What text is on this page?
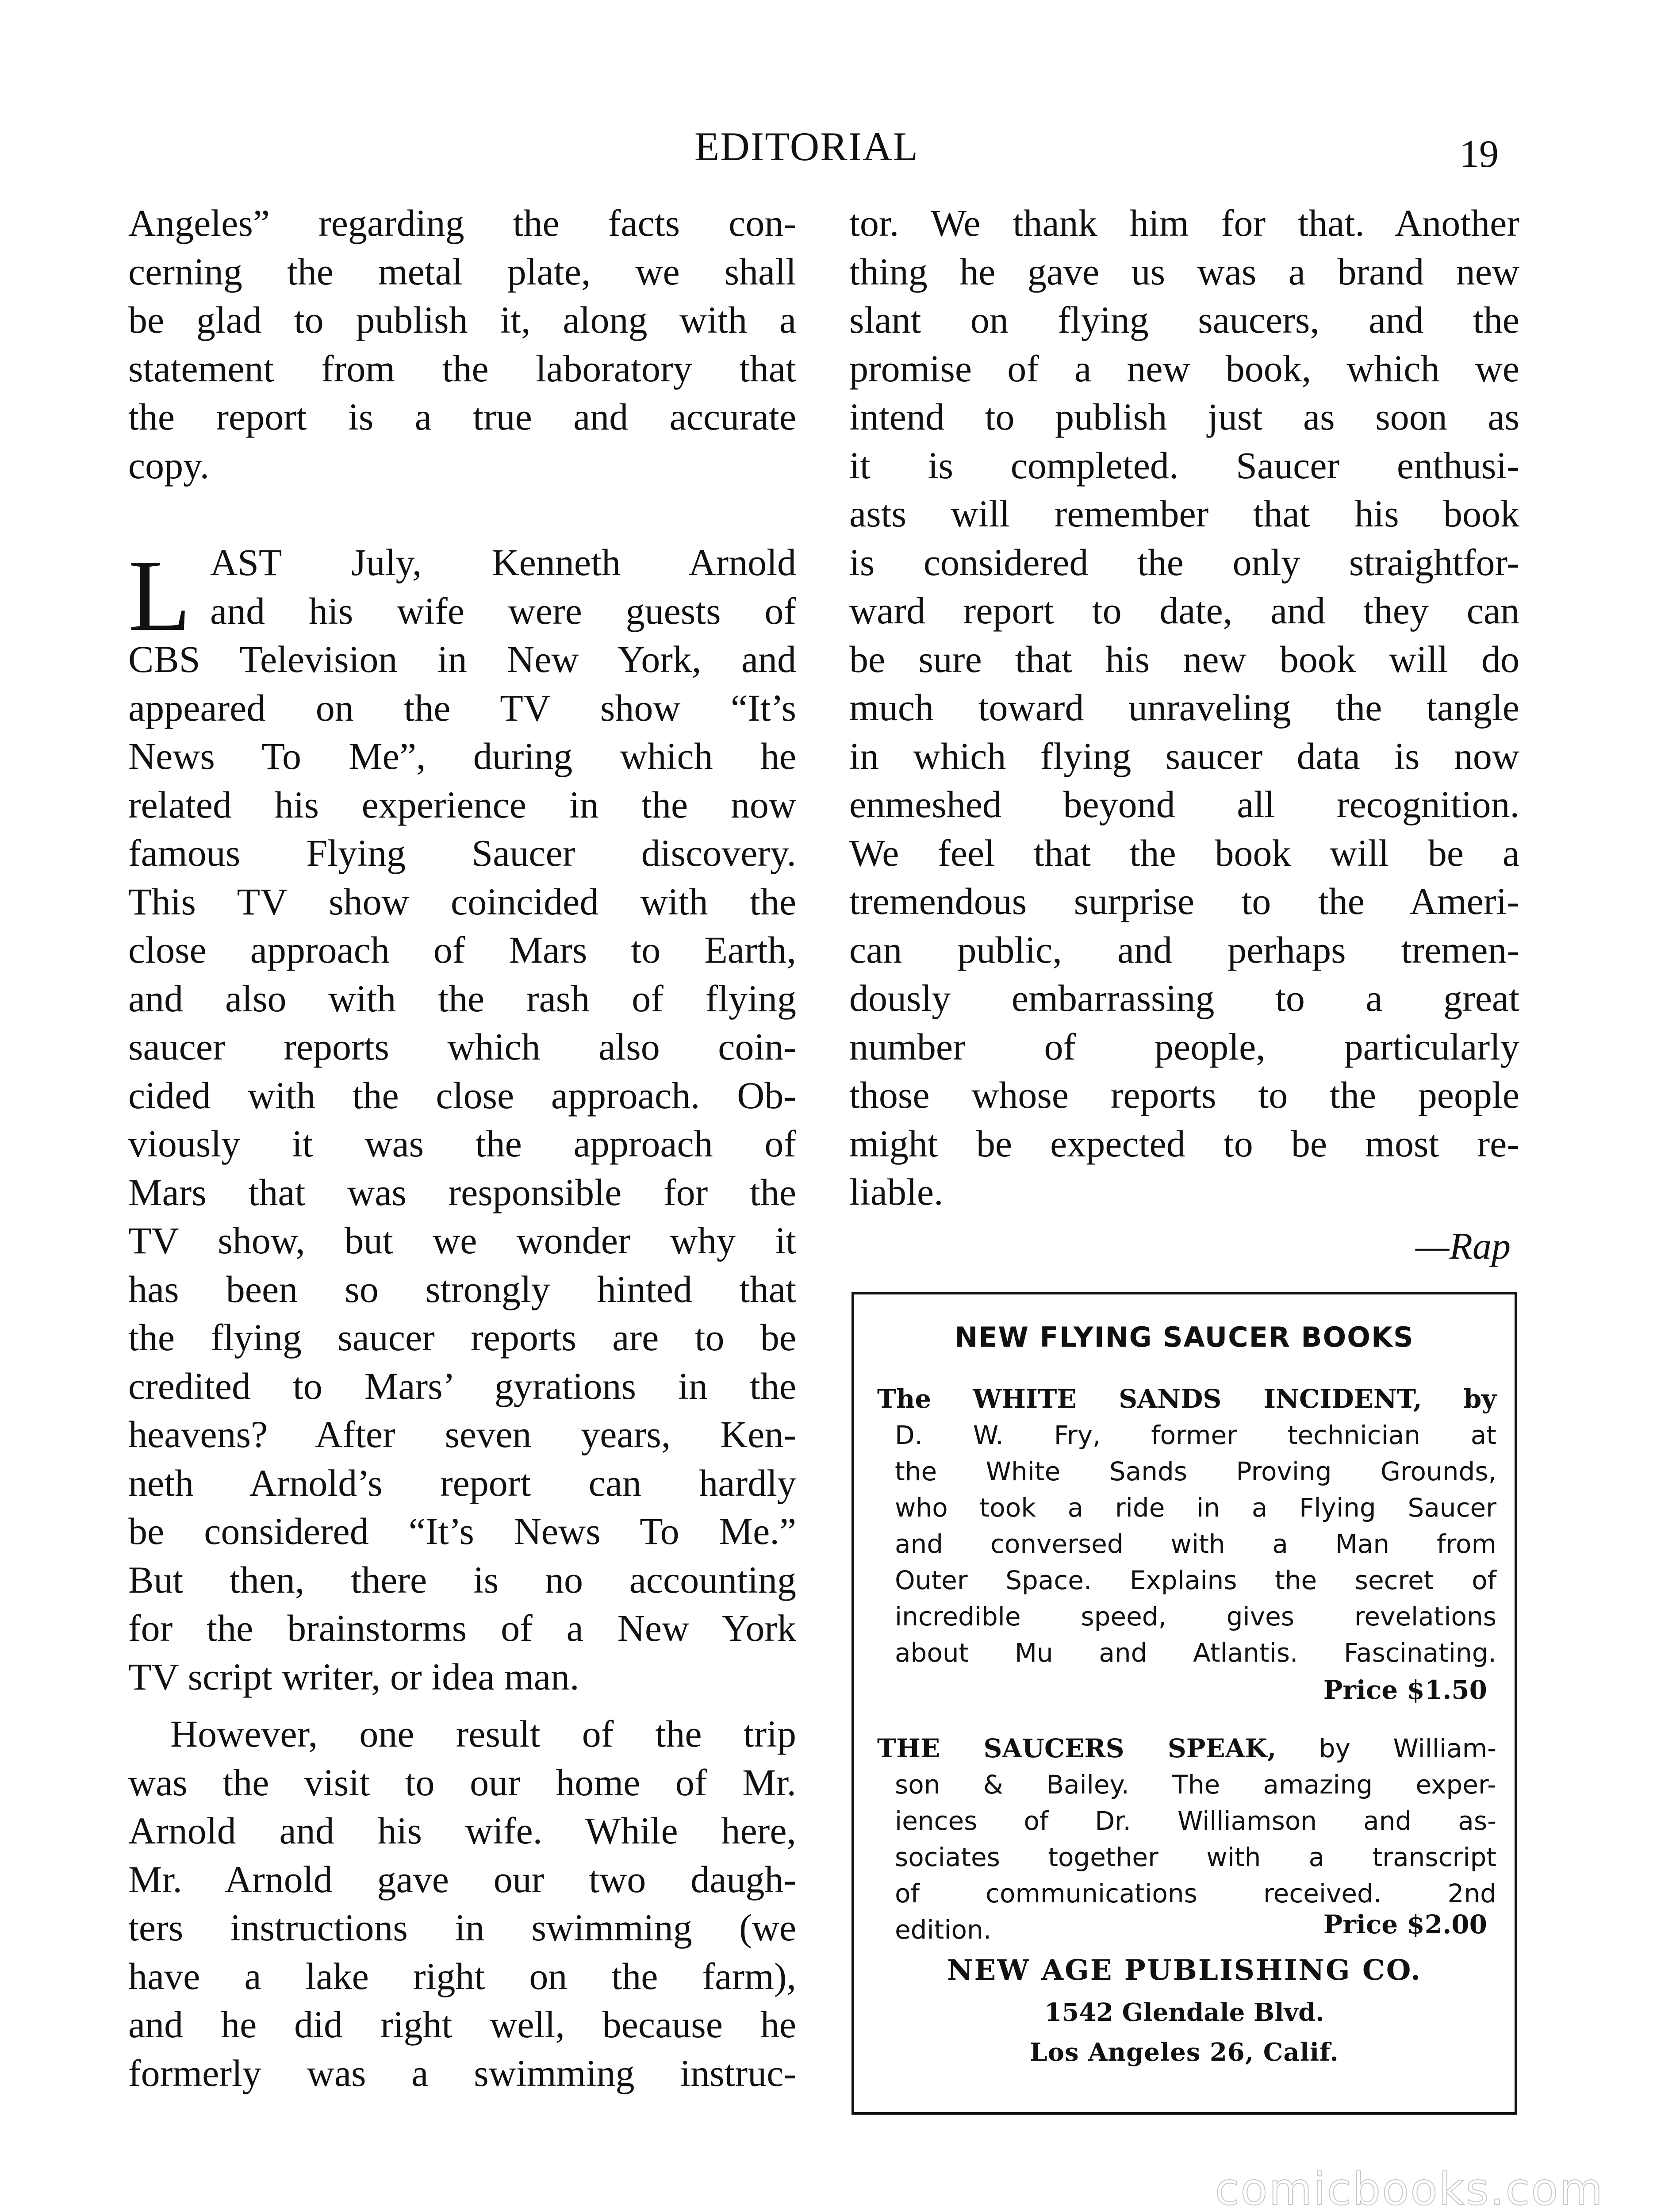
EDITORIAL	19
Angeles” regarding the facts con-
cerning the metal plate, we shall
be glad to publish it, along with a
statement from the laboratory that
the report is a true and accurate
copy.
L AST July, Kenneth Arnold
and his wife were guests of
CBS Television in New York, and
appeared on the TV show “It’s
News To Me”, during which he
related his experience in the now
famous Flying Saucer discovery.
This TV show coincided with the
close approach of Mars to Earth,
and also with the rash of flying
saucer reports which also coin-
cided with the close approach. Ob-
viously it was the approach of
Mars that was responsible for the
TV show, but we wonder why it
has been so strongly hinted that
the flying saucer reports are to be
credited to Mars’ gyrations in the
heavens? After seven years, Ken-
neth Arnold’s report can hardly
be considered “It’s News To Me.”
But then, there is no accounting
for the brainstorms of a New York
TV script writer, or idea man.
However, one result of the trip
was the visit to our home of Mr.
Arnold and his wife. While here,
Mr. Arnold gave our two daugh-
ters instructions in swimming (we
have a lake right on the farm),
and he did right well, because he
formerly was a swimming instruc-
tor. We thank him for that. Another
thing he gave us was a brand new
slant on flying saucers, and the
promise of a new book, which we
intend to publish just as soon as
it is completed. Saucer enthusi-
asts will remember that his book
is considered the only straightfor-
ward report to date, and they can
be sure that his new book will do
much toward unraveling the tangle
in which flying saucer data is now
enmeshed beyond all recognition.
We feel that the book will be a
tremendous surprise to the Ameri-
can public, and perhaps tremen-
dously embarrassing to a great
number of people, particularly
those whose reports to the people
might be expected to be most re-
liable.
—Rap
NEW FLYING SAUCER BOOKS
The WHITE SANDS INCIDENT, by
D. W. Fry, former technician at
the White Sands Proving Grounds,
who took a ride in a Flying Saucer
and conversed with a Man from
Outer Space. Explains the secret of
incredible speed, gives revelations
about Mu and Atlantis. Fascinating.
Price $1.50
THE SAUCERS SPEAK, by William-
son & Bailey. The amazing exper-
iences of Dr. Williamson and as-
sociates together with a transcript
of communications received. 2nd
edition.	Price $2.00
NEW AGE PUBLISHING CO.
1542 Glendale Blvd.
Los Angeles 26, Calif.
comicbooks.com
